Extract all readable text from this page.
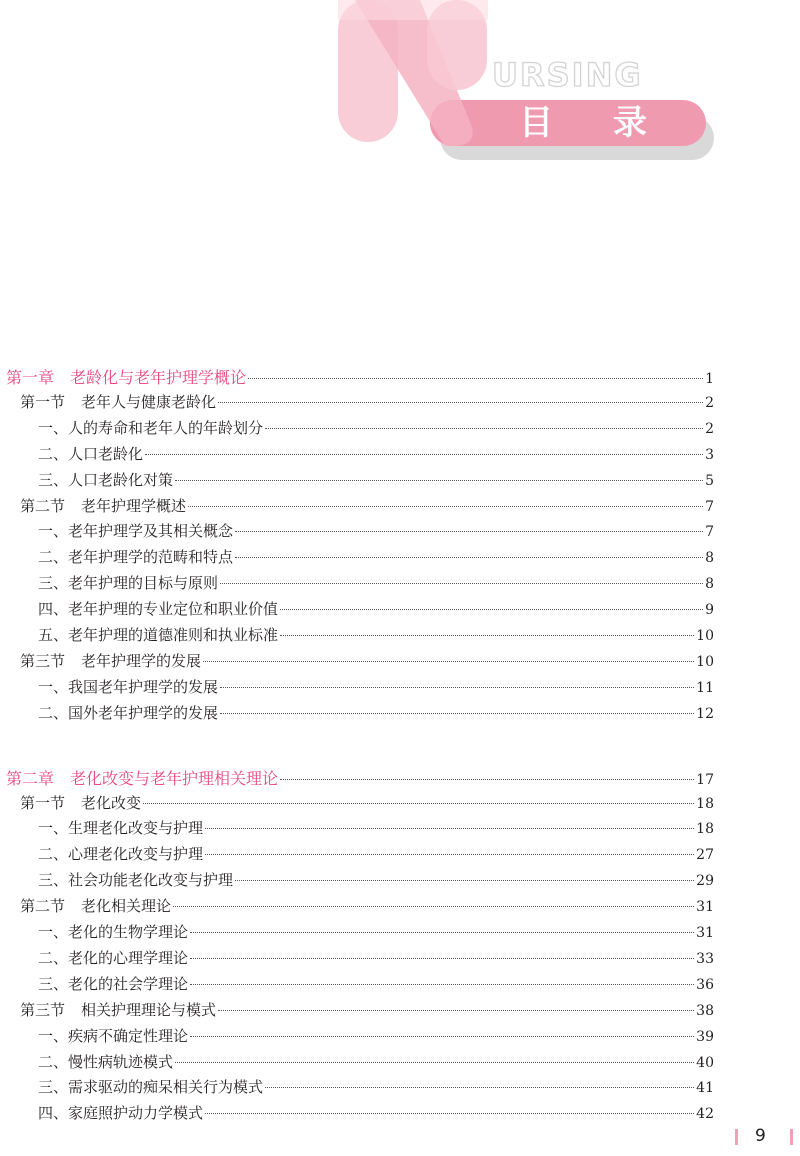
URSING
目 录
第一章 老龄化与老年护理学概论	1
第一节 老年人与健康老龄化	2
一、人的寿命和老年人的年龄划分	2
二、人口老龄化	3
三、人口老龄化对策	5
第二节 老年护理学概述	7
一、老年护理学及其相关概念	7
二、老年护理学的范畴和特点	8
三、老年护理的目标与原则	8
四、老年护理的专业定位和职业价值	9
五、老年护理的道德准则和执业标准	10
第三节 老年护理学的发展	10
一、我国老年护理学的发展	11
二、国外老年护理学的发展	12
第二章 老化改变与老年护理相关理论	17
第一节 老化改变	18
一、生理老化改变与护理	18
二、心理老化改变与护理	27
三、社会功能老化改变与护理	29
第二节 老化相关理论	31
一、老化的生物学理论	31
二、老化的心理学理论	33
三、老化的社会学理论	36
第三节 相关护理理论与模式	38
一、疾病不确定性理论	39
二、慢性病轨迹模式	40
三、需求驱动的痴呆相关行为模式	41
四、家庭照护动力学模式	42
9
